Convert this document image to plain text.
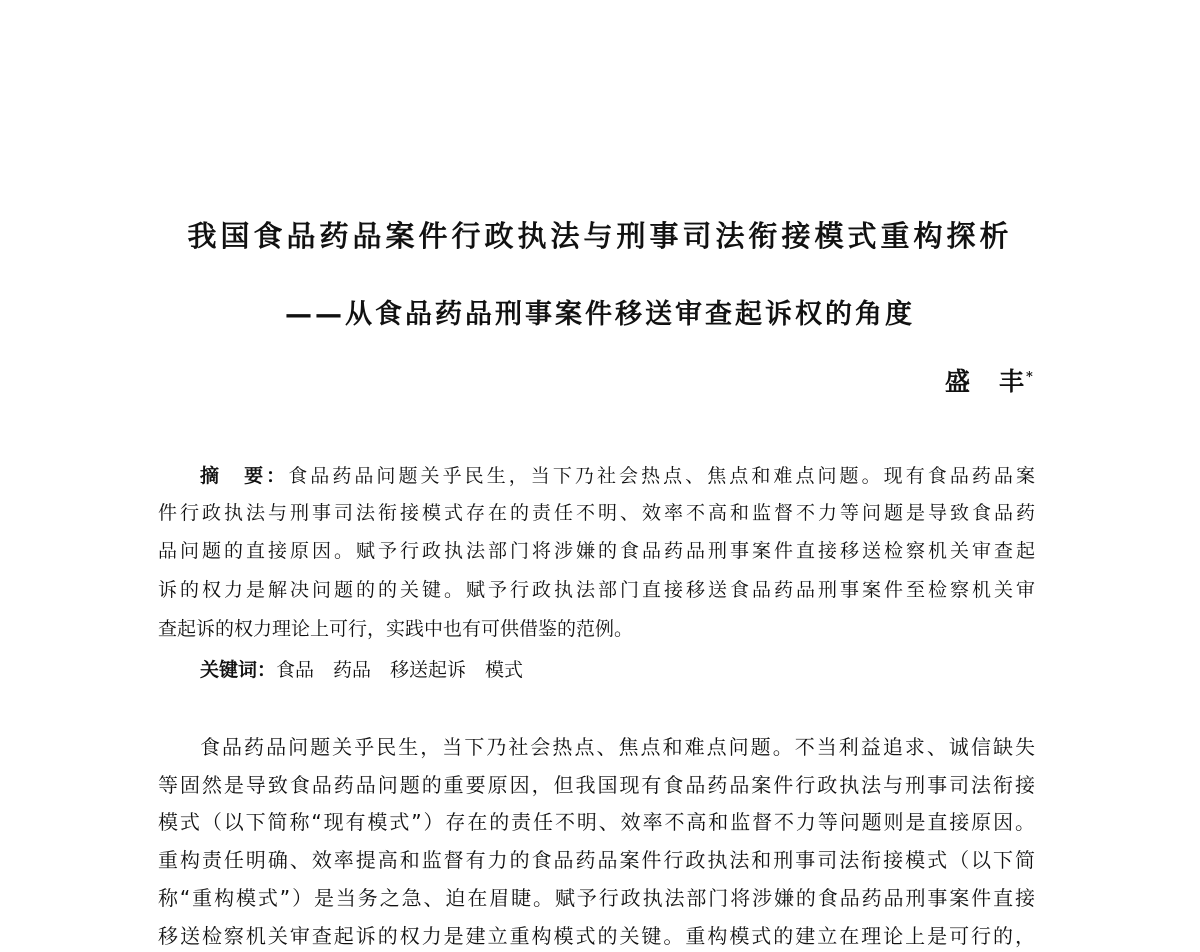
我国食品药品案件行政执法与刑事司法衔接模式重构探析
——从食品药品刑事案件移送审查起诉权的角度
盛　丰*
摘　要：食品药品问题关乎民生，当下乃社会热点、焦点和难点问题。现有食品药品案
件行政执法与刑事司法衔接模式存在的责任不明、效率不高和监督不力等问题是导致食品药
品问题的直接原因。赋予行政执法部门将涉嫌的食品药品刑事案件直接移送检察机关审查起
诉的权力是解决问题的的关键。赋予行政执法部门直接移送食品药品刑事案件至检察机关审
查起诉的权力理论上可行，实践中也有可供借鉴的范例。
关键词：食品　药品　移送起诉　模式
食品药品问题关乎民生，当下乃社会热点、焦点和难点问题。不当利益追求、诚信缺失
等固然是导致食品药品问题的重要原因，但我国现有食品药品案件行政执法与刑事司法衔接
模式（以下简称“现有模式”）存在的责任不明、效率不高和监督不力等问题则是直接原因。
重构责任明确、效率提高和监督有力的食品药品案件行政执法和刑事司法衔接模式（以下简
称“重构模式”）是当务之急、迫在眉睫。赋予行政执法部门将涉嫌的食品药品刑事案件直接
移送检察机关审查起诉的权力是建立重构模式的关键。重构模式的建立在理论上是可行的，
